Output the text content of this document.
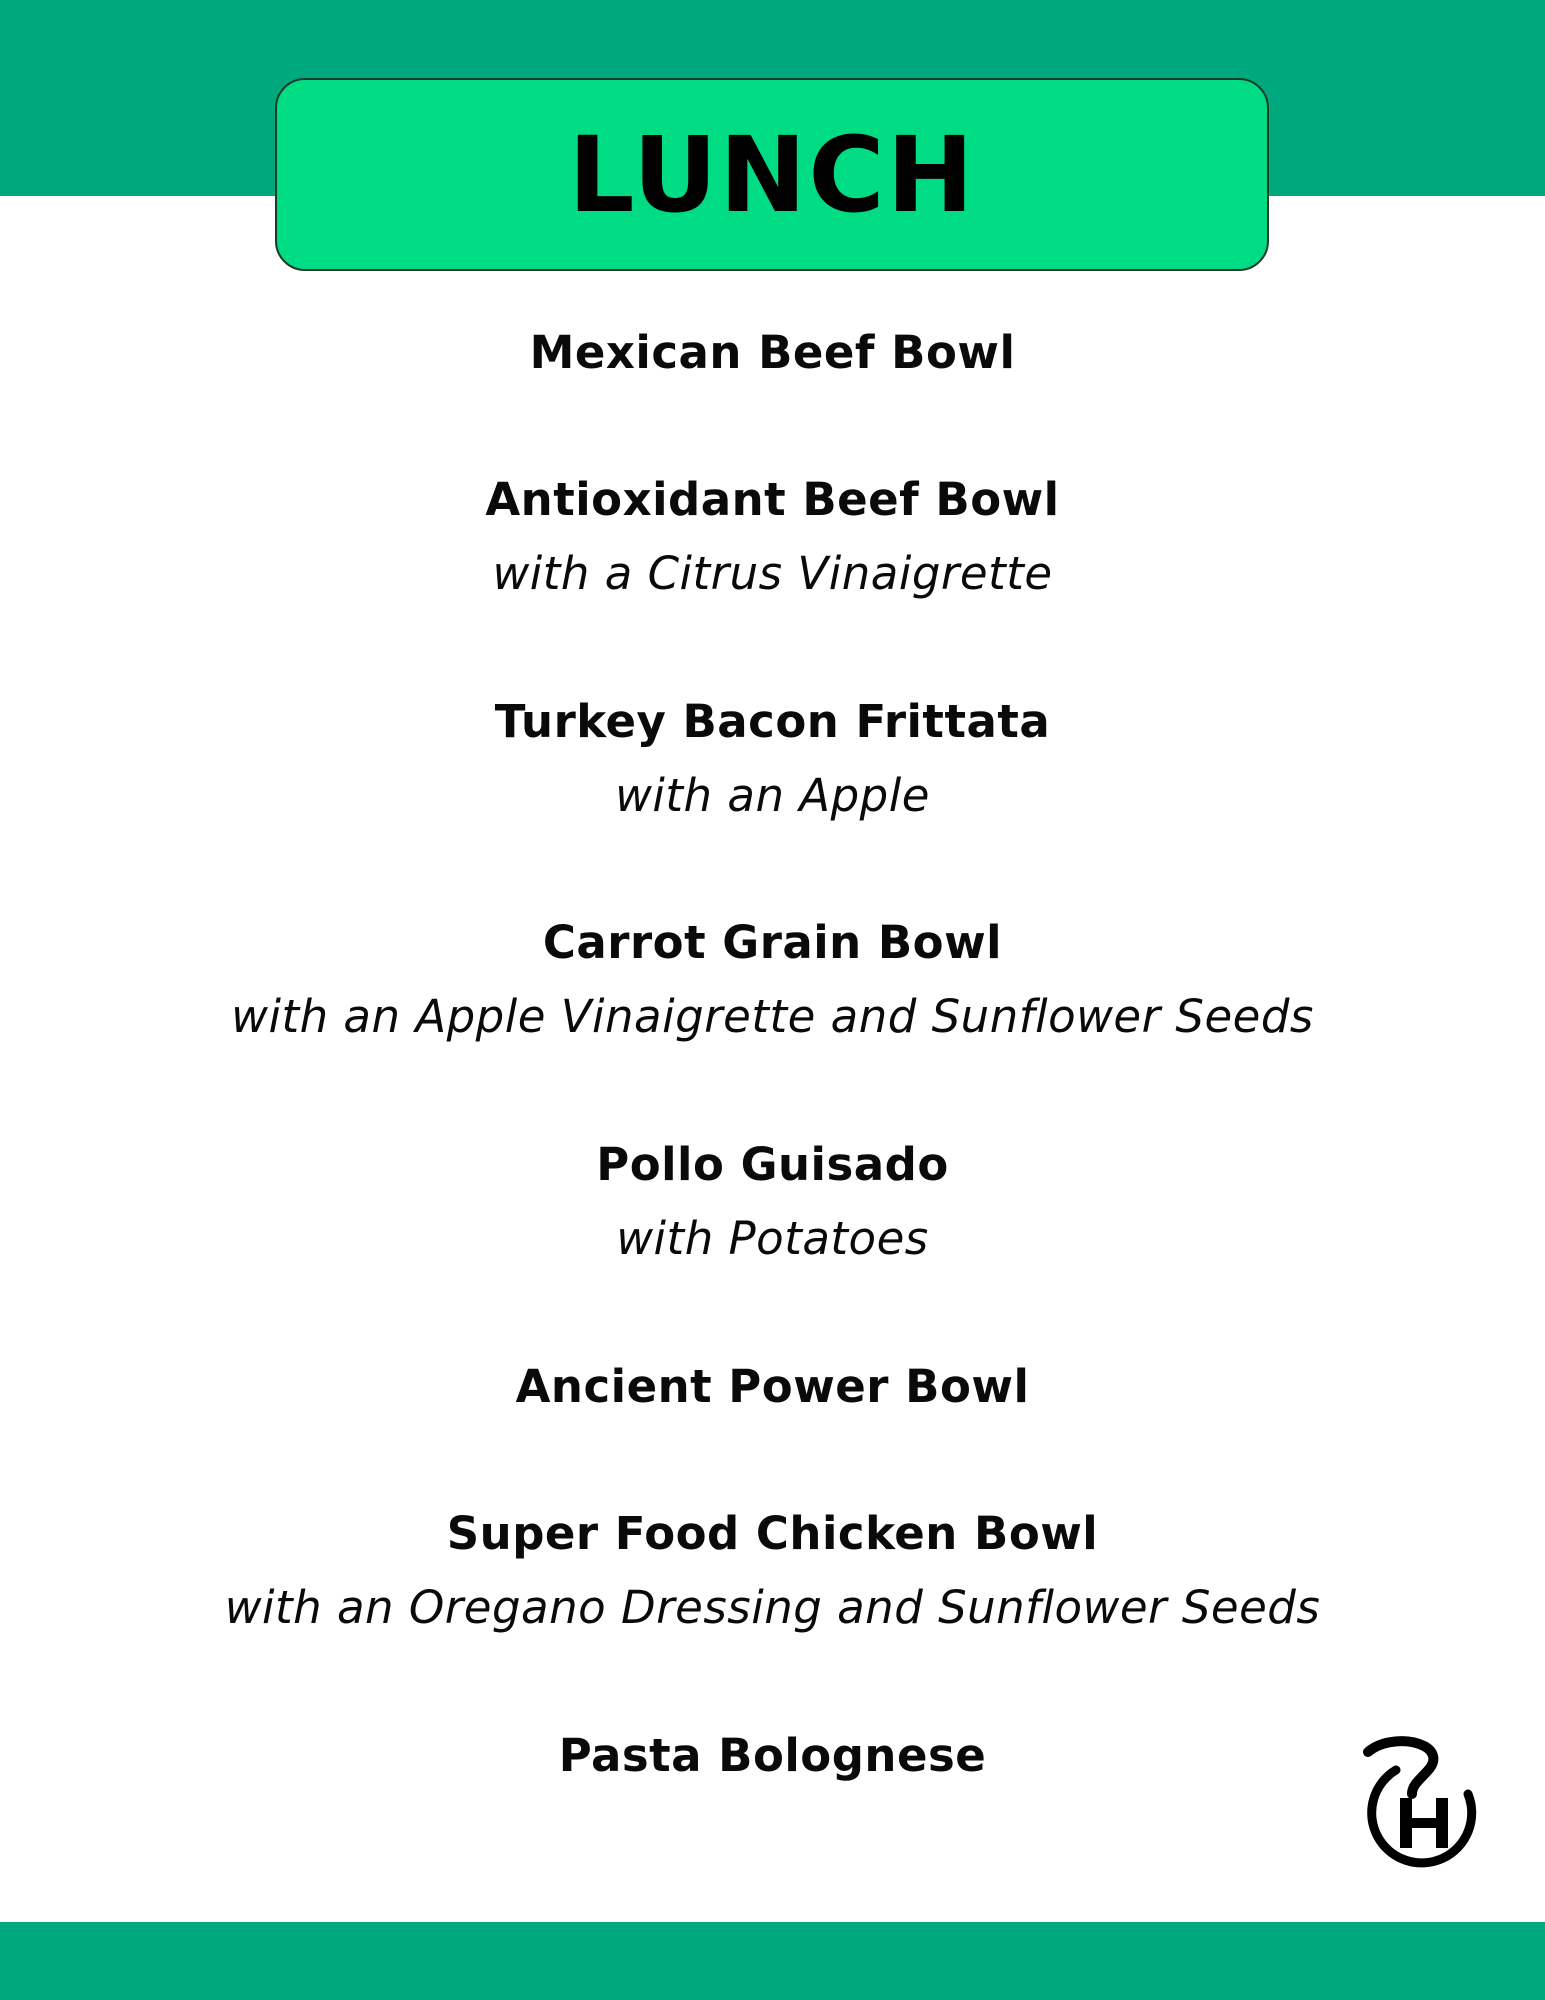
LUNCH
Mexican Beef Bowl
Antioxidant Beef Bowl
with a Citrus Vinaigrette
Turkey Bacon Frittata
with an Apple
Carrot Grain Bowl
with an Apple Vinaigrette and Sunflower Seeds
Pollo Guisado
with Potatoes
Ancient Power Bowl
Super Food Chicken Bowl
with an Oregano Dressing and Sunflower Seeds
Pasta Bolognese
